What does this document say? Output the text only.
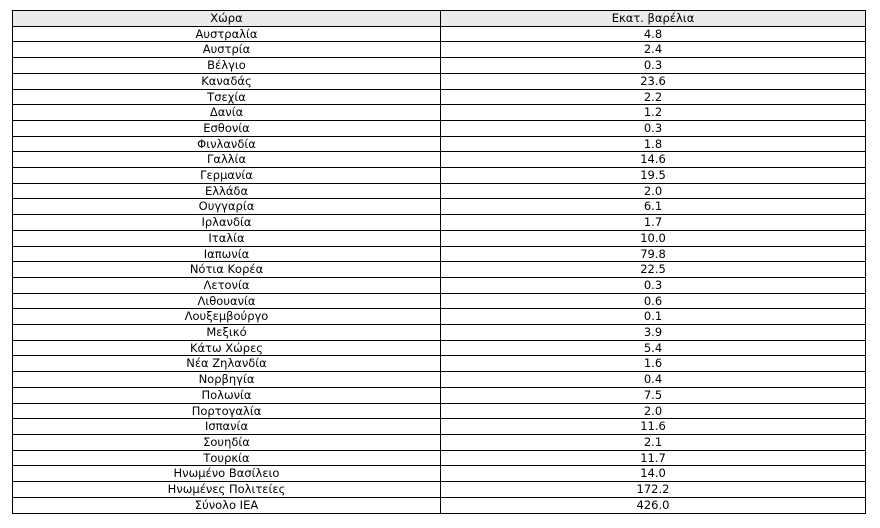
Χώρα	Εκατ. βαρέλια
Αυστραλία	4.8
Αυστρία	2.4
Βέλγιο	0.3
Καναδάς	23.6
Τσεχία	2.2
Δανία	1.2
Εσθονία	0.3
Φινλανδία	1.8
Γαλλία	14.6
Γερμανία	19.5
Ελλάδα	2.0
Ουγγαρία	6.1
Ιρλανδία	1.7
Ιταλία	10.0
Ιαπωνία	79.8
Νότια Κορέα	22.5
Λετονία	0.3
Λιθουανία	0.6
Λουξεμβούργο	0.1
Μεξικό	3.9
Κάτω Χώρες	5.4
Νέα Ζηλανδία	1.6
Νορβηγία	0.4
Πολωνία	7.5
Πορτογαλία	2.0
Ισπανία	11.6
Σουηδία	2.1
Τουρκία	11.7
Ηνωμένο Βασίλειο	14.0
Ηνωμένες Πολιτείες	172.2
Σύνολο ΙΕΑ	426.0
